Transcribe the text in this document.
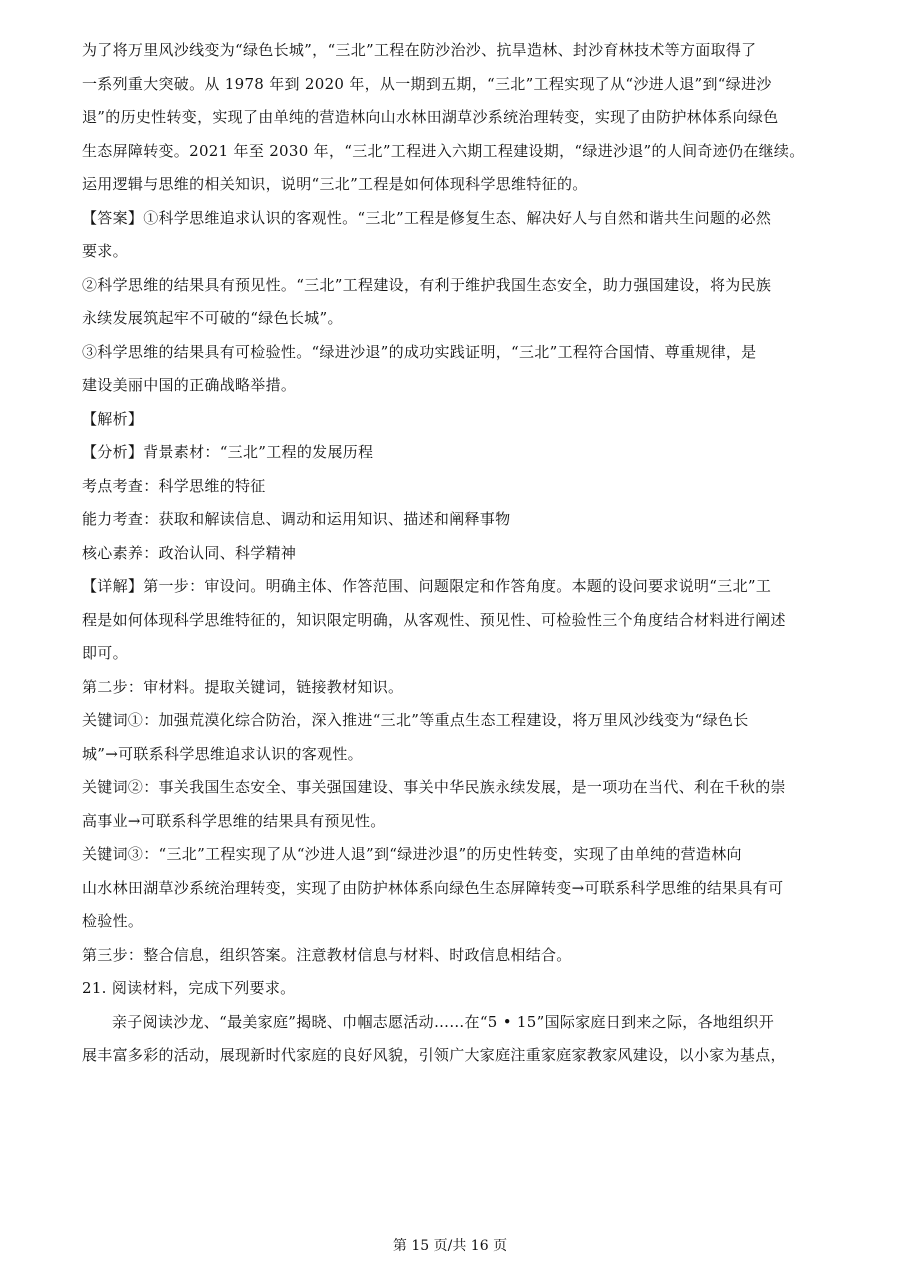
为了将万里风沙线变为“绿色长城”，“三北”工程在防沙治沙、抗旱造林、封沙育林技术等方面取得了
一系列重大突破。从 1978 年到 2020 年，从一期到五期，“三北”工程实现了从“沙进人退”到“绿进沙
退”的历史性转变，实现了由单纯的营造林向山水林田湖草沙系统治理转变，实现了由防护林体系向绿色
生态屏障转变。2021 年至 2030 年，“三北”工程进入六期工程建设期，“绿进沙退”的人间奇迹仍在继续。
运用逻辑与思维的相关知识，说明“三北”工程是如何体现科学思维特征的。
【答案】①科学思维追求认识的客观性。“三北”工程是修复生态、解决好人与自然和谐共生问题的必然
要求。
②科学思维的结果具有预见性。“三北”工程建设，有利于维护我国生态安全，助力强国建设，将为民族
永续发展筑起牢不可破的“绿色长城”。
③科学思维的结果具有可检验性。“绿进沙退”的成功实践证明，“三北”工程符合国情、尊重规律，是
建设美丽中国的正确战略举措。
【解析】
【分析】背景素材：“三北”工程的发展历程
考点考查：科学思维的特征
能力考查：获取和解读信息、调动和运用知识、描述和阐释事物
核心素养：政治认同、科学精神
【详解】第一步：审设问。明确主体、作答范围、问题限定和作答角度。本题的设问要求说明“三北”工
程是如何体现科学思维特征的，知识限定明确，从客观性、预见性、可检验性三个角度结合材料进行阐述
即可。
第二步：审材料。提取关键词，链接教材知识。
关键词①：加强荒漠化综合防治，深入推进“三北”等重点生态工程建设，将万里风沙线变为“绿色长
城”→可联系科学思维追求认识的客观性。
关键词②：事关我国生态安全、事关强国建设、事关中华民族永续发展，是一项功在当代、利在千秋的崇
高事业→可联系科学思维的结果具有预见性。
关键词③：“三北”工程实现了从“沙进人退”到“绿进沙退”的历史性转变，实现了由单纯的营造林向
山水林田湖草沙系统治理转变，实现了由防护林体系向绿色生态屏障转变→可联系科学思维的结果具有可
检验性。
第三步：整合信息，组织答案。注意教材信息与材料、时政信息相结合。
21. 阅读材料，完成下列要求。
亲子阅读沙龙、“最美家庭”揭晓、巾帼志愿活动……在“5 • 15”国际家庭日到来之际，各地组织开
展丰富多彩的活动，展现新时代家庭的良好风貌，引领广大家庭注重家庭家教家风建设，以小家为基点，
第 15 页/共 16 页
